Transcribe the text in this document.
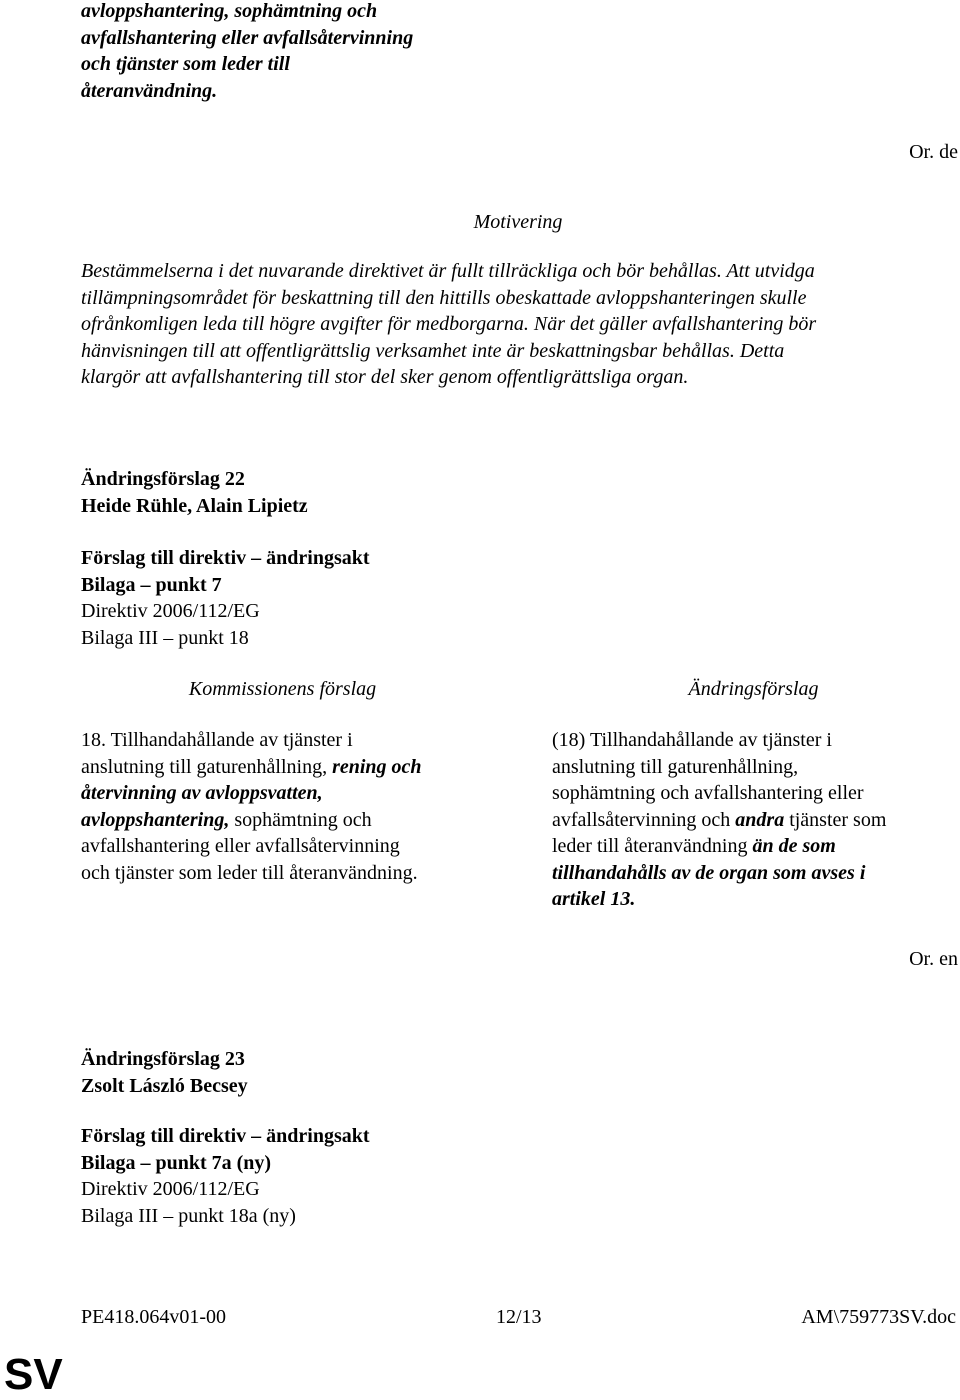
avloppshantering, sophämtning och
avfallshantering eller avfallsåtervinning
och tjänster som leder till
återanvändning.
Or. de
Motivering
Bestämmelserna i det nuvarande direktivet är fullt tillräckliga och bör behållas. Att utvidga
tillämpningsområdet för beskattning till den hittills obeskattade avloppshanteringen skulle
ofrånkomligen leda till högre avgifter för medborgarna. När det gäller avfallshantering bör
hänvisningen till att offentligrättslig verksamhet inte är beskattningsbar behållas. Detta
klargör att avfallshantering till stor del sker genom offentligrättsliga organ.
Ändringsförslag 22
Heide Rühle, Alain Lipietz
Förslag till direktiv – ändringsakt
Bilaga – punkt 7
Direktiv 2006/112/EG
Bilaga III – punkt 18
Kommissionens förslag	Ändringsförslag
18. Tillhandahållande av tjänster i
anslutning till gaturenhållning, rening och
återvinning av avloppsvatten,
avloppshantering, sophämtning och
avfallshantering eller avfallsåtervinning
och tjänster som leder till återanvändning.
(18) Tillhandahållande av tjänster i
anslutning till gaturenhållning,
sophämtning och avfallshantering eller
avfallsåtervinning och andra tjänster som
leder till återanvändning än de som
tillhandahålls av de organ som avses i
artikel 13.
Or. en
Ändringsförslag 23
Zsolt László Becsey
Förslag till direktiv – ändringsakt
Bilaga – punkt 7a (ny)
Direktiv 2006/112/EG
Bilaga III – punkt 18a (ny)
PE418.064v01-00	12/13	AM\759773SV.doc
SV
